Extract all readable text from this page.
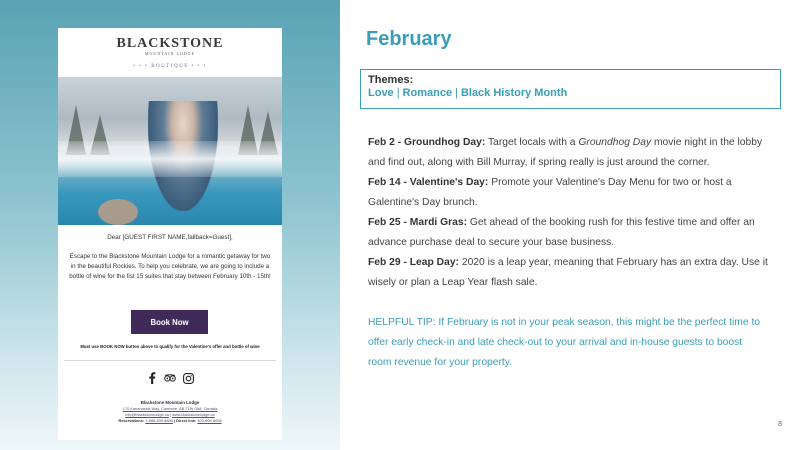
BLACKSTONE
MOUNTAIN LODGE
• • • BOUTIQUE • • •
Dear [GUEST FIRST NAME,fallback=Guest],
Escape to the Blackstone Mountain Lodge for a romantic getaway for two in the beautiful Rockies. To help you celebrate, we are going to include a bottle of wine for the fist 15 suites that stay between February 10th - 15th!
Book Now
Must use BOOK NOW button above to qualify for the Valentine's offer and bottle of wine
Blackstone Mountain Lodge
170 Kananaskis Way, Canmore, AB T1W 0A8, Canada
info@blackstonelodge.ca | www.blackstonelodge.ca
Reservations: 1-888-830-8883 | Direct line: 403-609-8098
February
Themes:
Love | Romance | Black History Month
Feb 2 - Groundhog Day: Target locals with a Groundhog Day movie night in the lobby and find out, along with Bill Murray, if spring really is just around the corner.
Feb 14 - Valentine's Day: Promote your Valentine's Day Menu for two or host a Galentine's Day brunch.
Feb 25 - Mardi Gras: Get ahead of the booking rush for this festive time and offer an advance purchase deal to secure your base business.
Feb 29 - Leap Day: 2020 is a leap year, meaning that February has an extra day. Use it wisely or plan a Leap Year flash sale.
HELPFUL TIP: If February is not in your peak season, this might be the perfect time to offer early check-in and late check-out to your arrival and in-house guests to boost room revenue for your property.
8
